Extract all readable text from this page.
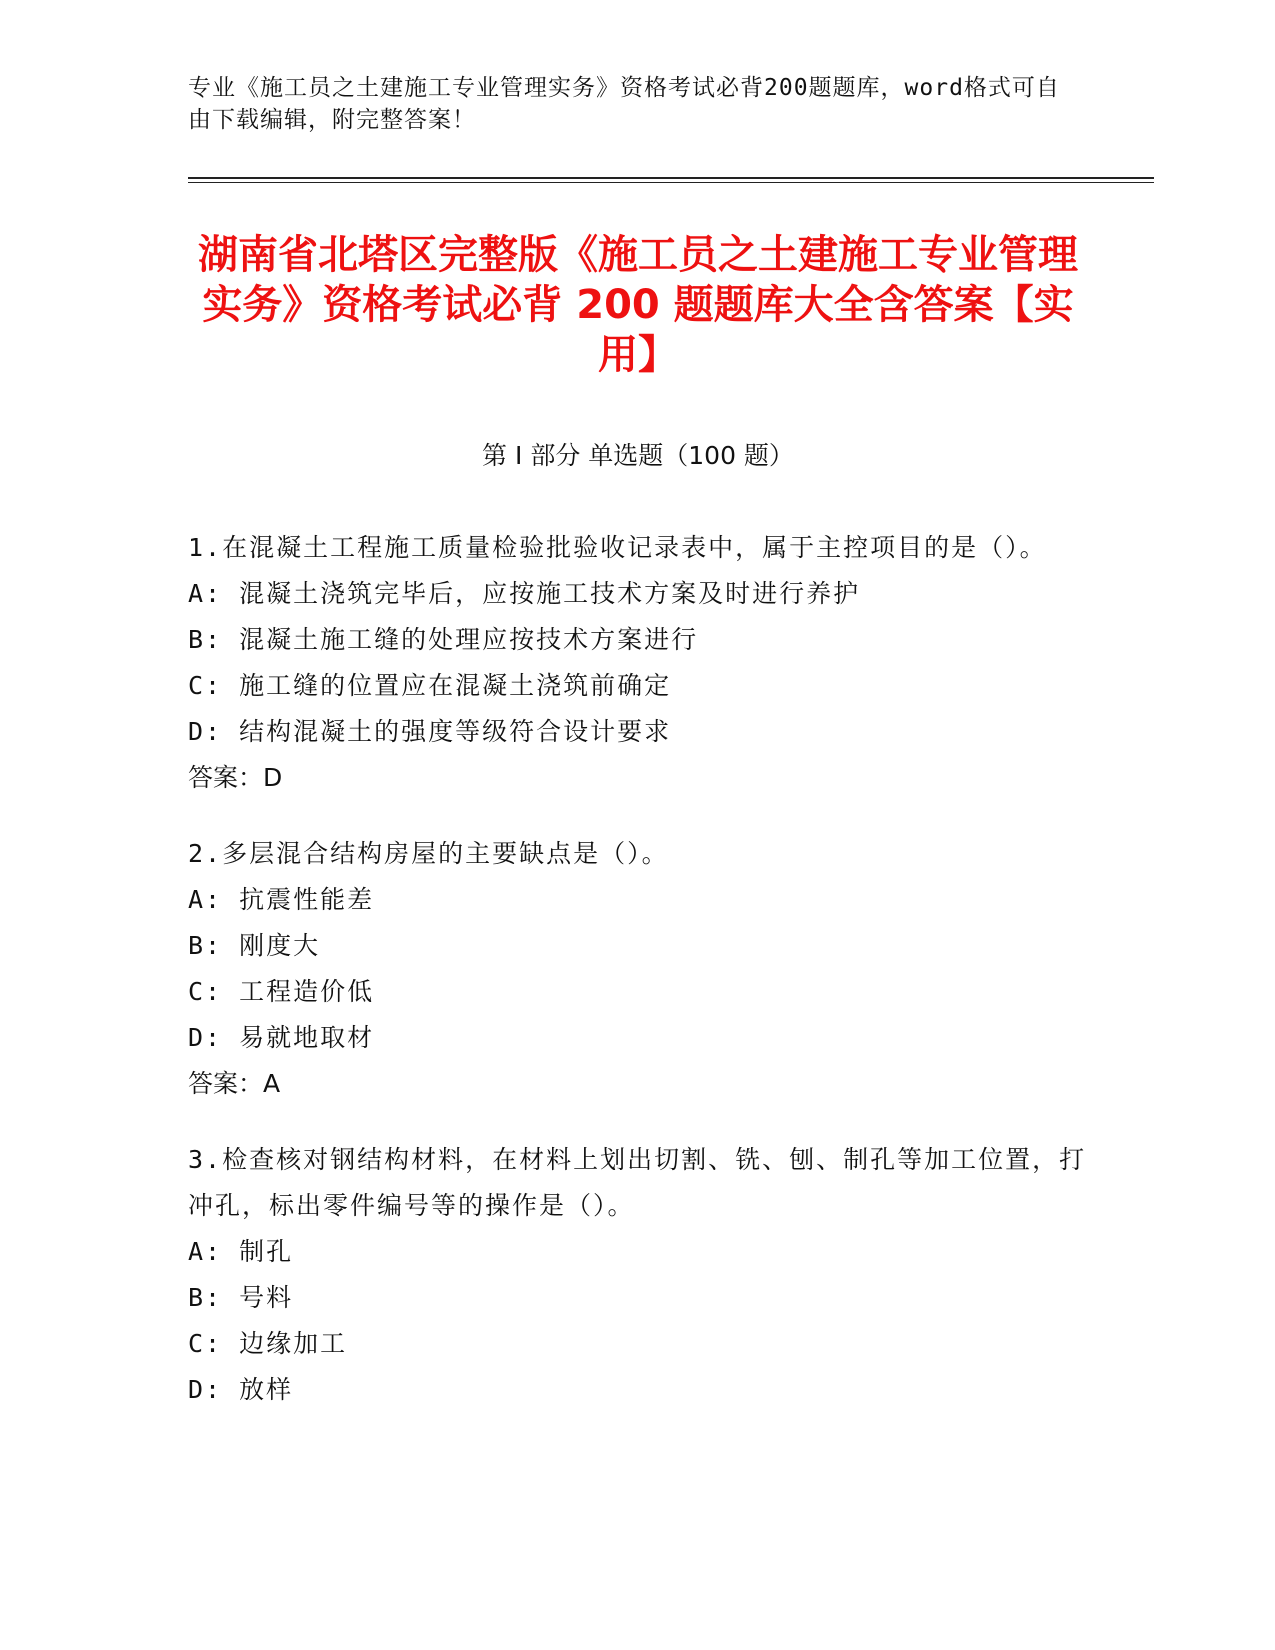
专业《施工员之土建施工专业管理实务》资格考试必背200题题库，word格式可自由下载编辑，附完整答案！
湖南省北塔区完整版《施工员之土建施工专业管理实务》资格考试必背 200 题题库大全含答案【实用】
第 I 部分 单选题（100 题）
1.在混凝土工程施工质量检验批验收记录表中，属于主控项目的是（）。
A: 混凝土浇筑完毕后，应按施工技术方案及时进行养护
B: 混凝土施工缝的处理应按技术方案进行
C: 施工缝的位置应在混凝土浇筑前确定
D: 结构混凝土的强度等级符合设计要求
答案：D
2.多层混合结构房屋的主要缺点是（）。
A: 抗震性能差
B: 刚度大
C: 工程造价低
D: 易就地取材
答案：A
3.检查核对钢结构材料，在材料上划出切割、铣、刨、制孔等加工位置，打冲孔，标出零件编号等的操作是（）。
A: 制孔
B: 号料
C: 边缘加工
D: 放样
